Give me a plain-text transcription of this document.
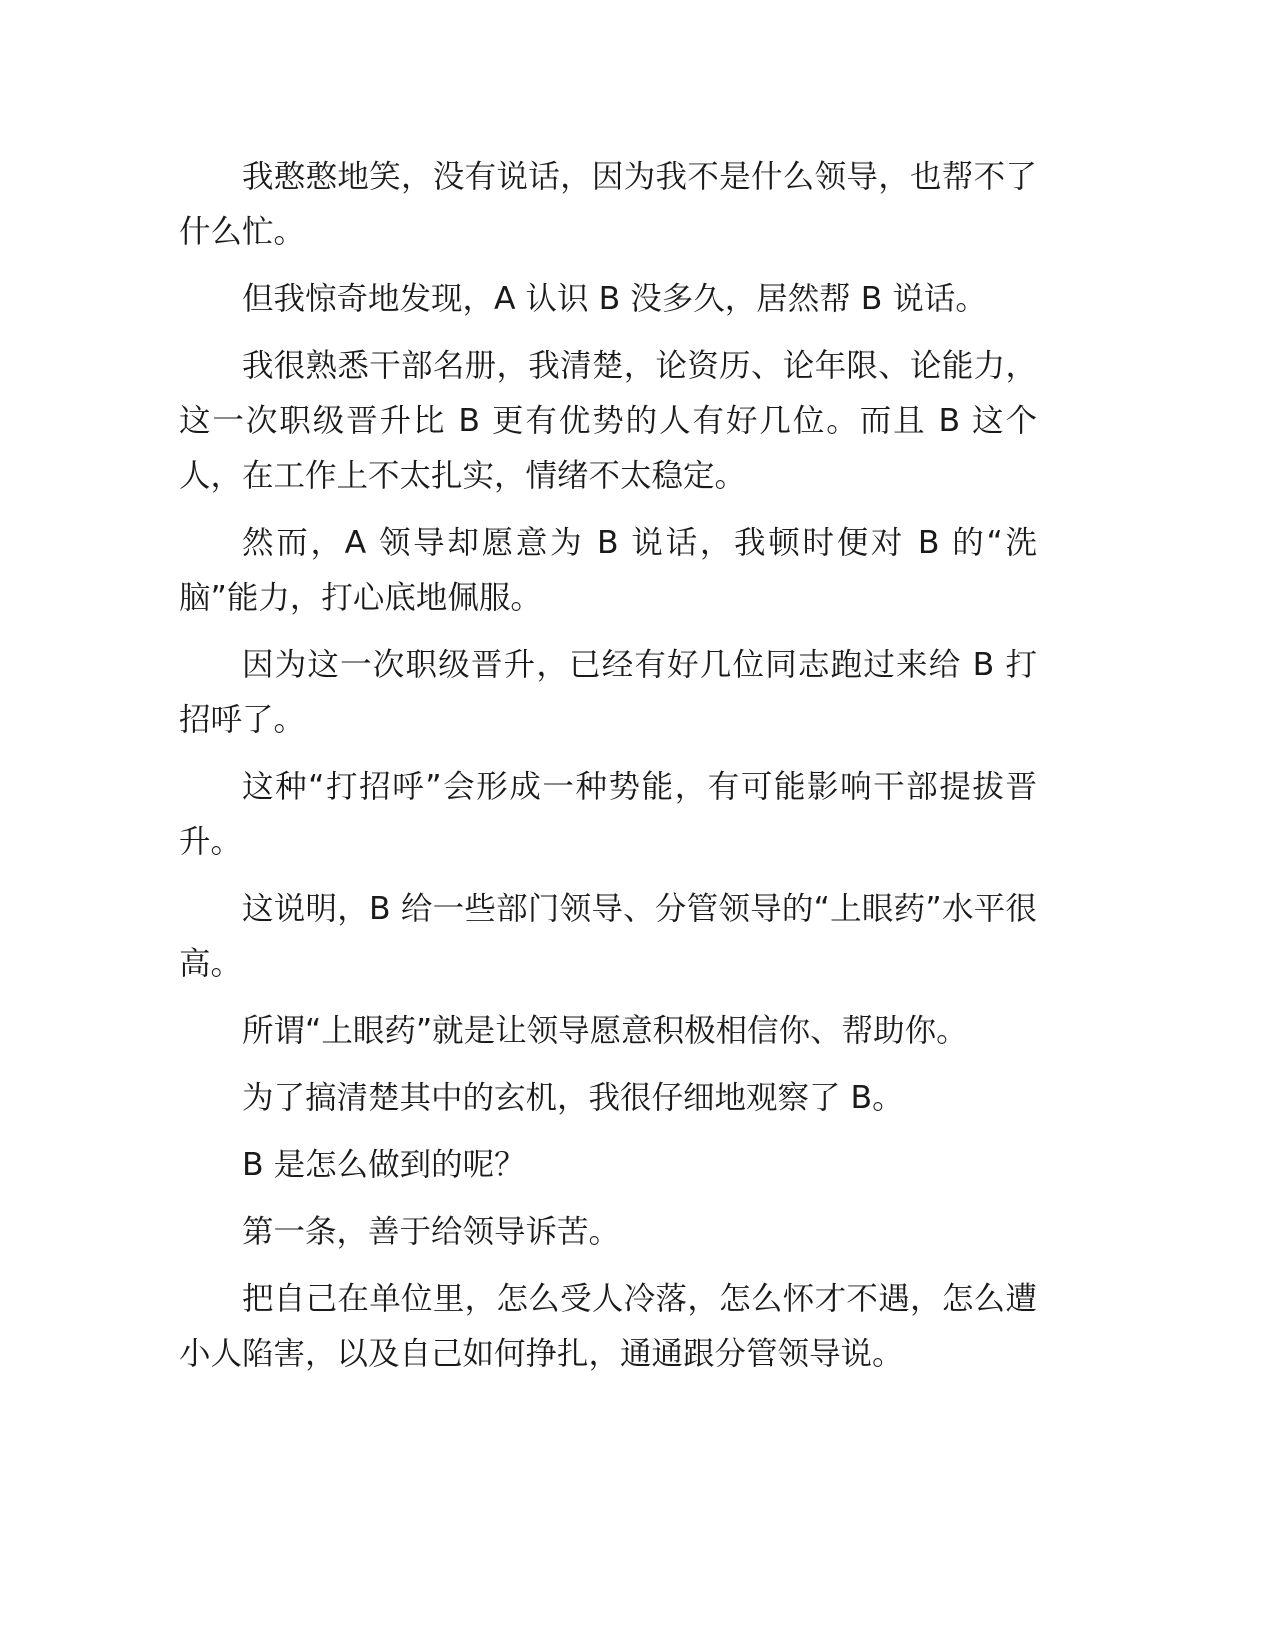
我憨憨地笑，没有说话，因为我不是什么领导，也帮不了什么忙。

但我惊奇地发现，A 认识 B 没多久，居然帮 B 说话。

我很熟悉干部名册，我清楚，论资历、论年限、论能力，这一次职级晋升比 B 更有优势的人有好几位。而且 B 这个人，在工作上不太扎实，情绪不太稳定。

然而，A 领导却愿意为 B 说话，我顿时便对 B 的“洗脑”能力，打心底地佩服。

因为这一次职级晋升，已经有好几位同志跑过来给 B 打招呼了。

这种“打招呼”会形成一种势能，有可能影响干部提拔晋升。

这说明，B 给一些部门领导、分管领导的“上眼药”水平很高。

所谓“上眼药”就是让领导愿意积极相信你、帮助你。

为了搞清楚其中的玄机，我很仔细地观察了 B。

B 是怎么做到的呢？

第一条，善于给领导诉苦。

把自己在单位里，怎么受人冷落，怎么怀才不遇，怎么遭小人陷害，以及自己如何挣扎，通通跟分管领导说。
